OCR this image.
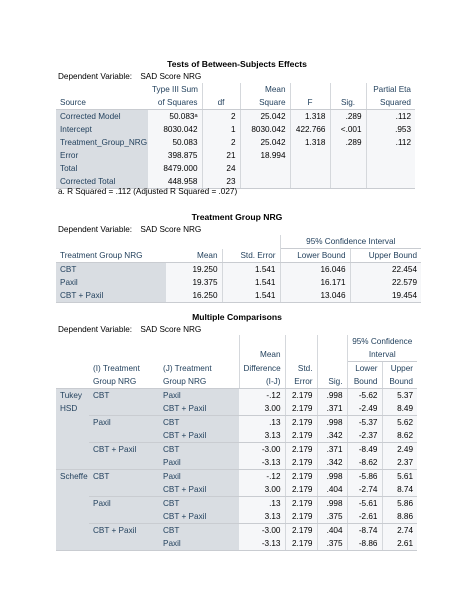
Tests of Between-Subjects Effects
Dependent Variable: SAD Score NRG
	Type III Sum		Mean			Partial Eta
Source	of Squares	df	Square	F	Sig.	Squared
Corrected Model	50.083ᵃ	2	25.042	1.318	.289	.112
Intercept	8030.042	1	8030.042	422.766	<.001	.953
Treatment_Group_NRG	50.083	2	25.042	1.318	.289	.112
Error	398.875	21	18.994			
Total	8479.000	24				
Corrected Total	448.958	23				
a. R Squared = .112 (Adjusted R Squared = .027)
Treatment Group NRG
Dependent Variable: SAD Score NRG
			95% Confidence Interval	
Treatment Group NRG	Mean	Std. Error	Lower Bound	Upper Bound
CBT	19.250	1.541	16.046	22.454
Paxil	19.375	1.541	16.171	22.579
CBT + Paxil	16.250	1.541	13.046	19.454
Multiple Comparisons
Dependent Variable: SAD Score NRG
						95% Confidence	
			Mean			Interval	
	(I) Treatment	(J) Treatment	Difference	Std.		Lower	Upper
	Group NRG	Group NRG	(I-J)	Error	Sig.	Bound	Bound
Tukey	CBT	Paxil	-.12	2.179	.998	-5.62	5.37
HSD		CBT + Paxil	3.00	2.179	.371	-2.49	8.49
	Paxil	CBT	.13	2.179	.998	-5.37	5.62
		CBT + Paxil	3.13	2.179	.342	-2.37	8.62
	CBT + Paxil	CBT	-3.00	2.179	.371	-8.49	2.49
		Paxil	-3.13	2.179	.342	-8.62	2.37
Scheffe	CBT	Paxil	-.12	2.179	.998	-5.86	5.61
		CBT + Paxil	3.00	2.179	.404	-2.74	8.74
	Paxil	CBT	.13	2.179	.998	-5.61	5.86
		CBT + Paxil	3.13	2.179	.375	-2.61	8.86
	CBT + Paxil	CBT	-3.00	2.179	.404	-8.74	2.74
		Paxil	-3.13	2.179	.375	-8.86	2.61
